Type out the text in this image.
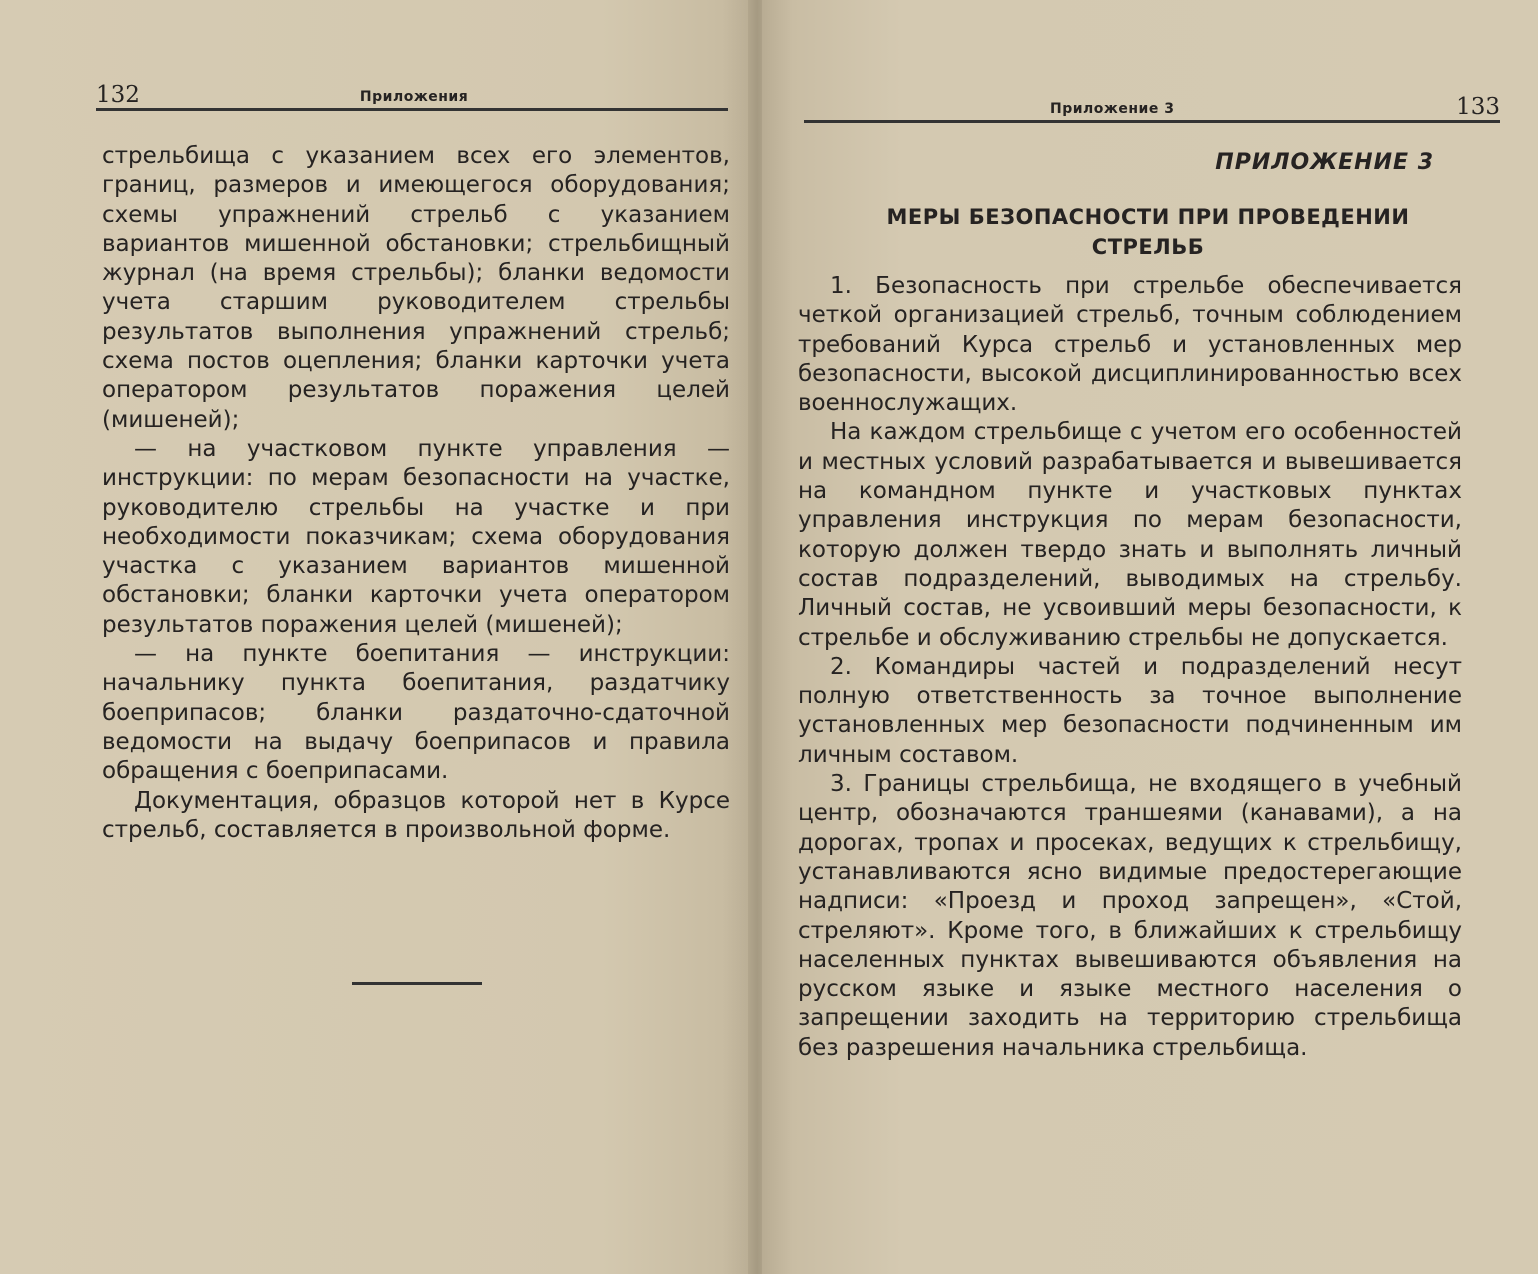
132	Приложения

стрельбища с указанием всех его элементов, границ, размеров и имеющегося оборудования; схемы упражнений стрельб с указанием вариантов мишенной обстановки; стрельбищный журнал (на время стрельбы); бланки ведомости учета старшим руководителем стрельбы результатов выполнения упражнений стрельб; схема постов оцепления; бланки карточки учета оператором результатов поражения целей (мишеней);

— на участковом пункте управления — инструкции: по мерам безопасности на участке, руководителю стрельбы на участке и при необходимости показчикам; схема оборудования участка с указанием вариантов мишенной обстановки; бланки карточки учета оператором результатов поражения целей (мишеней);

— на пункте боепитания — инструкции: начальнику пункта боепитания, раздатчику боеприпасов; бланки раздаточно-сдаточной ведомости на выдачу боеприпасов и правила обращения с боеприпасами.

Документация, образцов которой нет в Курсе стрельб, составляется в произвольной форме.

Приложение 3	133
ПРИЛОЖЕНИЕ 3
МЕРЫ БЕЗОПАСНОСТИ ПРИ ПРОВЕДЕНИИ
СТРЕЛЬБ

1. Безопасность при стрельбе обеспечивается четкой организацией стрельб, точным соблюдением требований Курса стрельб и установленных мер безопасности, высокой дисциплинированностью всех военнослужащих.

На каждом стрельбище с учетом его особенностей и местных условий разрабатывается и вывешивается на командном пункте и участковых пунктах управления инструкция по мерам безопасности, которую должен твердо знать и выполнять личный состав подразделений, выводимых на стрельбу. Личный состав, не усвоивший меры безопасности, к стрельбе и обслуживанию стрельбы не допускается.

2. Командиры частей и подразделений несут полную ответственность за точное выполнение установленных мер безопасности подчиненным им личным составом.

3. Границы стрельбища, не входящего в учебный центр, обозначаются траншеями (канавами), а на дорогах, тропах и просеках, ведущих к стрельбищу, устанавливаются ясно видимые предостерегающие надписи: «Проезд и проход запрещен», «Стой, стреляют». Кроме того, в ближайших к стрельбищу населенных пунктах вывешиваются объявления на русском языке и языке местного населения о запрещении заходить на территорию стрельбища без разрешения начальника стрельбища.
